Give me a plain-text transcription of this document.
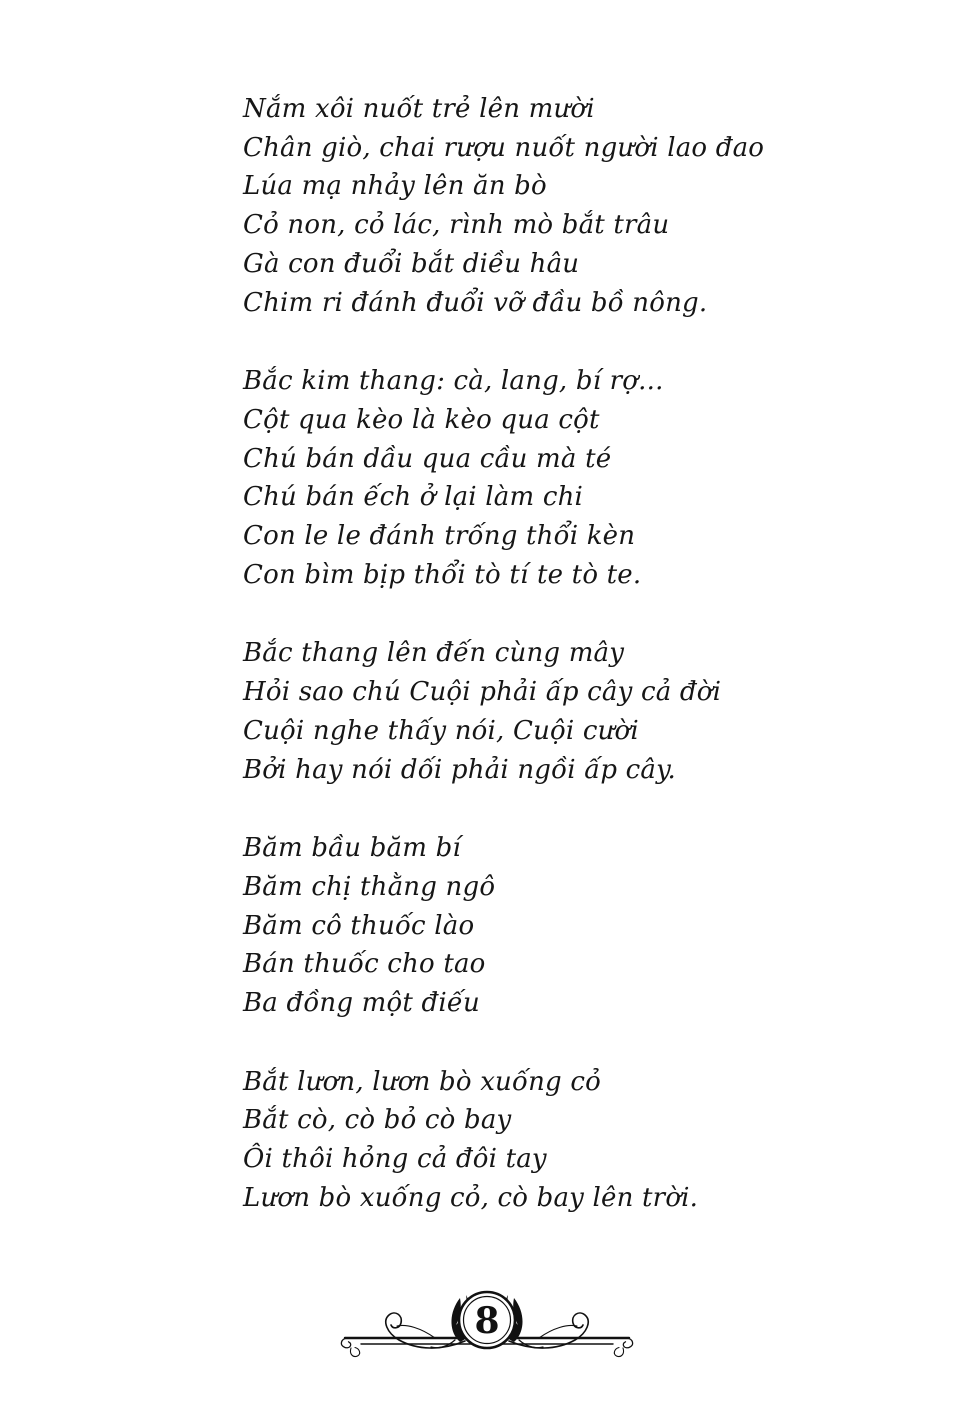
Nắm xôi nuốt trẻ lên mười
Chân giò, chai rượu nuốt người lao đao
Lúa mạ nhảy lên ăn bò
Cỏ non, cỏ lác, rình mò bắt trâu
Gà con đuổi bắt diều hâu
Chim ri đánh đuổi vỡ đầu bồ nông.
Bắc kim thang: cà, lang, bí rợ...
Cột qua kèo là kèo qua cột
Chú bán dầu qua cầu mà té
Chú bán ếch ở lại làm chi
Con le le đánh trống thổi kèn
Con bìm bịp thổi tò tí te tò te.
Bắc thang lên đến cùng mây
Hỏi sao chú Cuội phải ấp cây cả đời
Cuội nghe thấy nói, Cuội cười
Bởi hay nói dối phải ngồi ấp cây.
Băm bầu băm bí
Băm chị thằng ngô
Băm cô thuốc lào
Bán thuốc cho tao
Ba đồng một điếu
Bắt lươn, lươn bò xuống cỏ
Bắt cò, cò bỏ cò bay
Ôi thôi hỏng cả đôi tay
Lươn bò xuống cỏ, cò bay lên trời.
8
